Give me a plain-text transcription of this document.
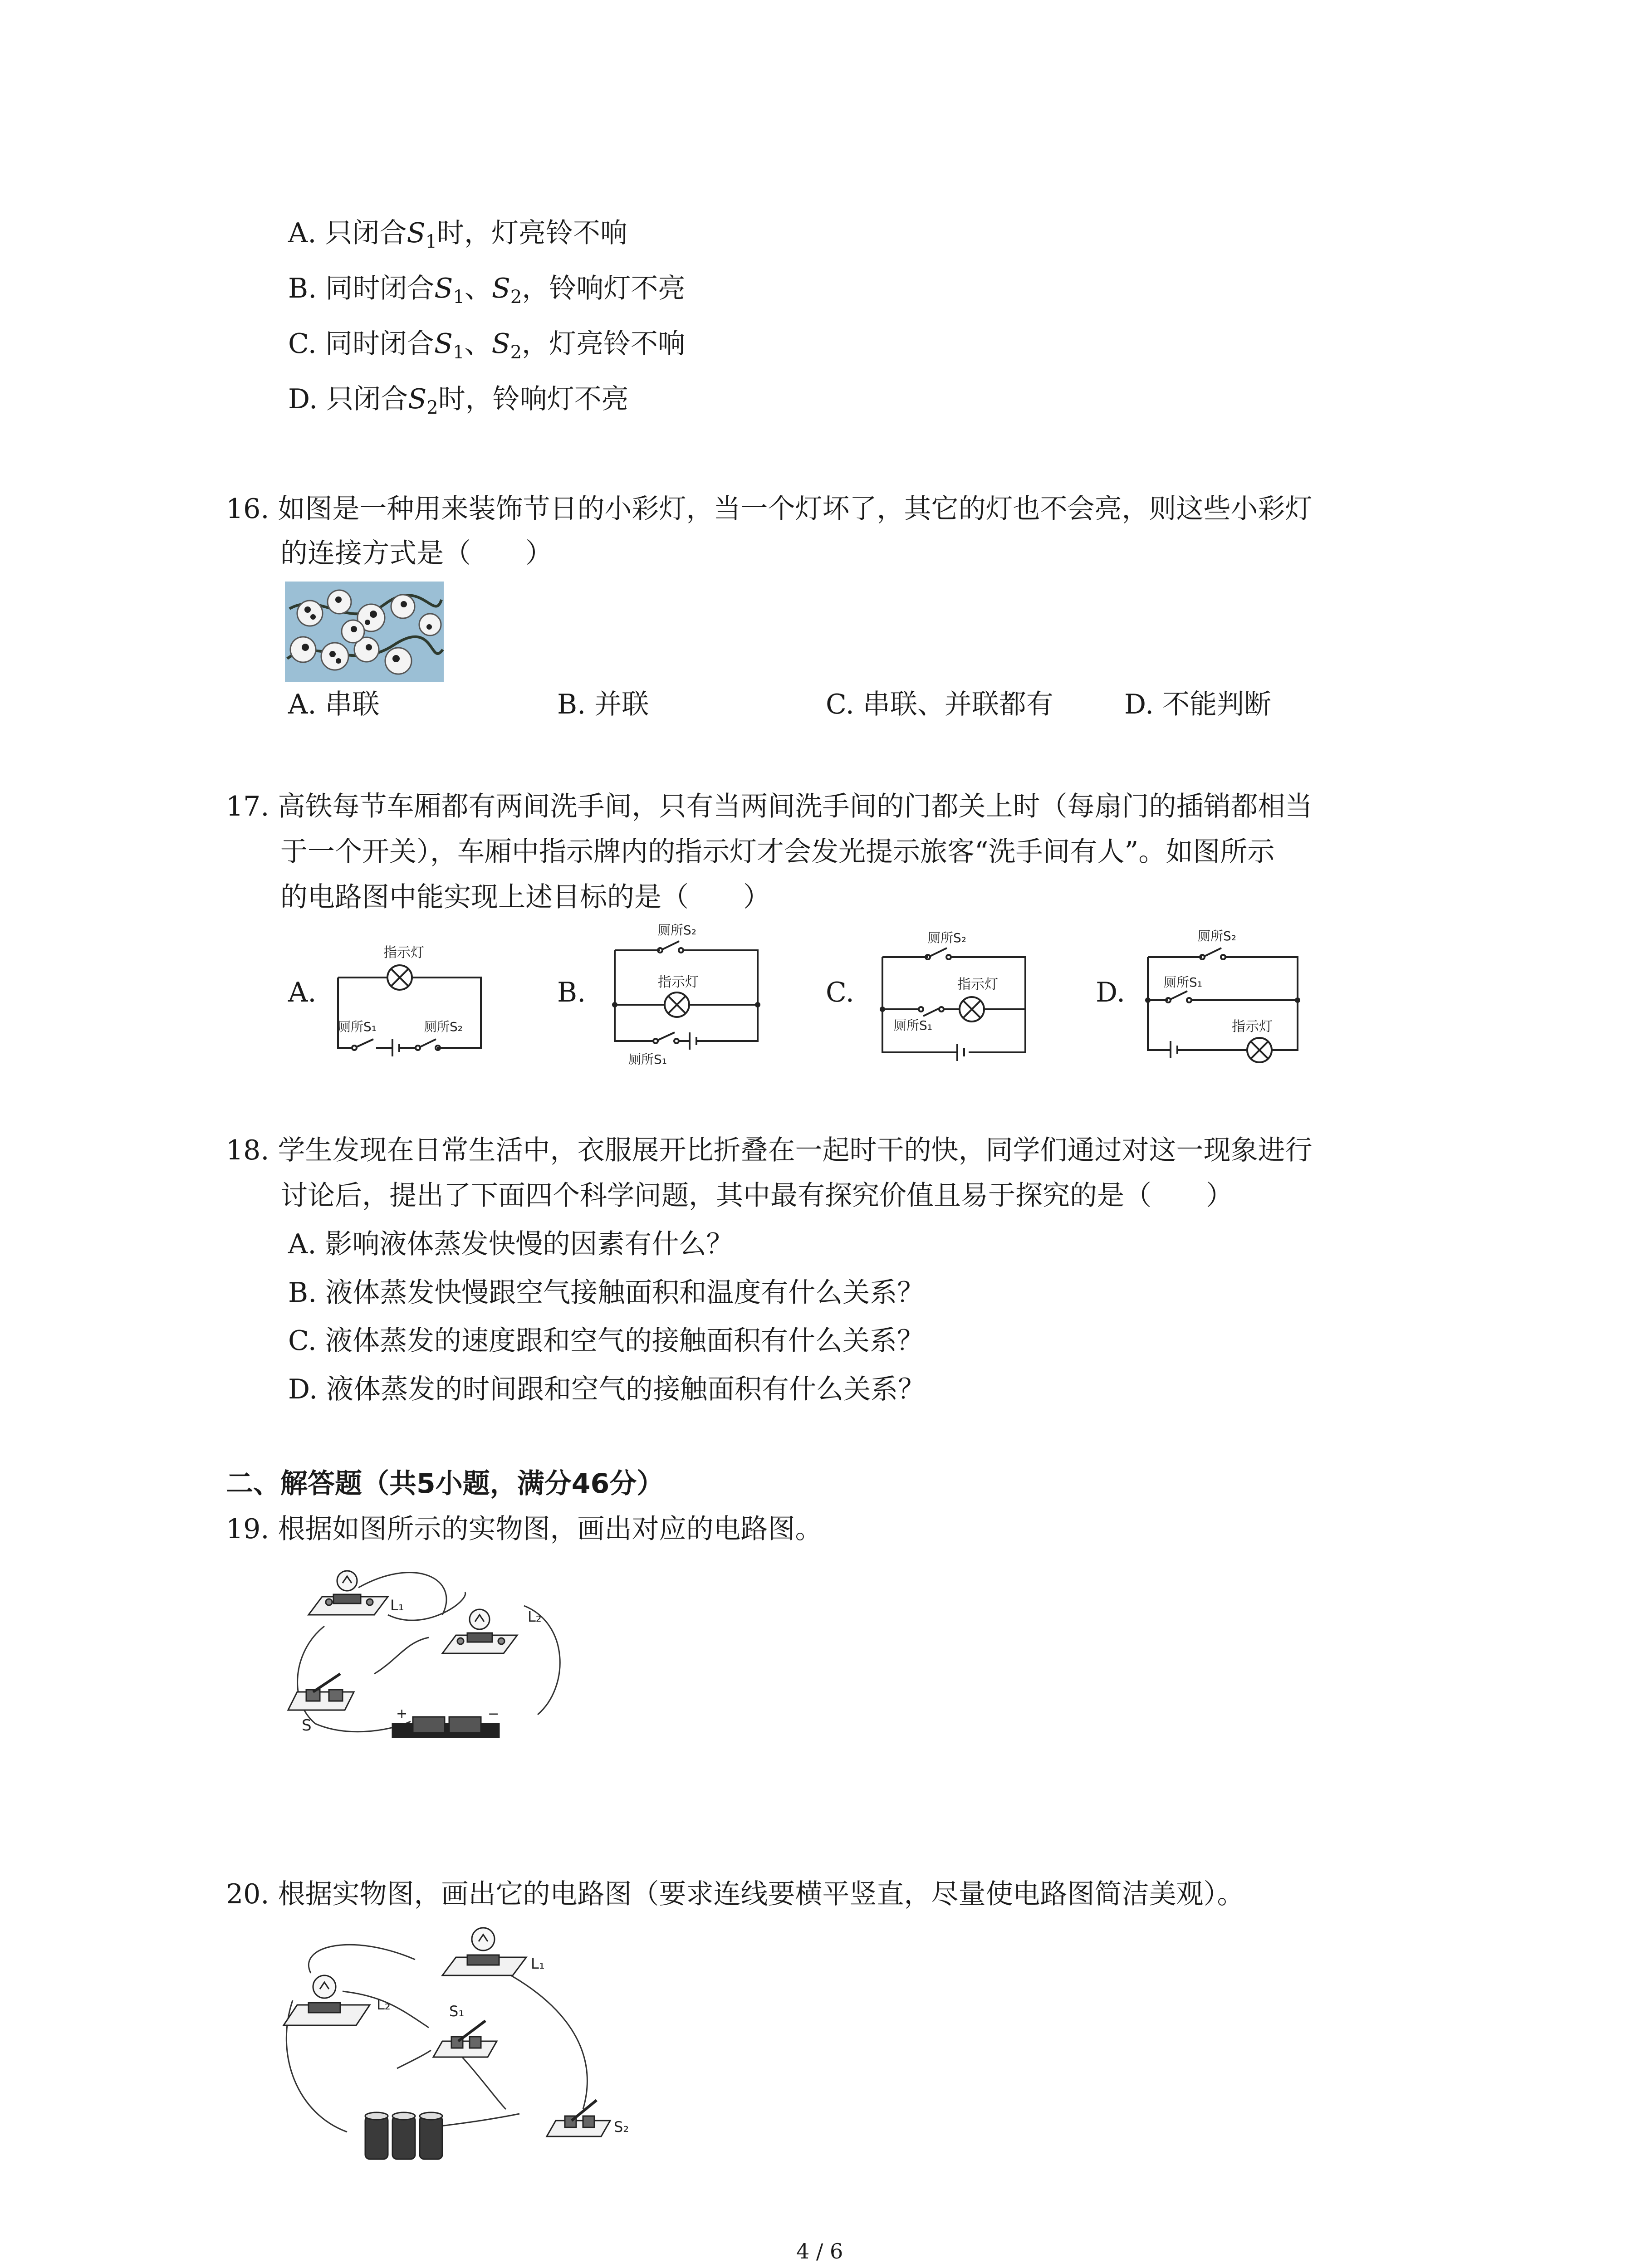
A. 只闭合$S_1$时，灯亮铃不响
B. 同时闭合$S_1$、$S_2$，铃响灯不亮
C. 同时闭合$S_1$、$S_2$，灯亮铃不响
D. 只闭合$S_2$时，铃响灯不亮
16. 如图是一种用来装饰节日的小彩灯，当一个灯坏了，其它的灯也不会亮，则这些小彩灯
的连接方式是（　　）
A. 串联	B. 并联	C. 串联、并联都有	D. 不能判断
17. 高铁每节车厢都有两间洗手间，只有当两间洗手间的门都关上时（每扇门的插销都相当
于一个开关），车厢中指示牌内的指示灯才会发光提示旅客“洗手间有人”。如图所示
的电路图中能实现上述目标的是（　　）
A.
指示灯
厕所S₁	厕所S₂
B.
厕所S₂
指示灯
厕所S₁
C.
厕所S₂
指示灯
厕所S₁
D.
厕所S₂
厕所S₁
指示灯
18. 学生发现在日常生活中，衣服展开比折叠在一起时干的快，同学们通过对这一现象进行
讨论后，提出了下面四个科学问题，其中最有探究价值且易于探究的是（　　）
A. 影响液体蒸发快慢的因素有什么？
B. 液体蒸发快慢跟空气接触面积和温度有什么关系？
C. 液体蒸发的速度跟和空气的接触面积有什么关系？
D. 液体蒸发的时间跟和空气的接触面积有什么关系？
二、解答题（共5小题，满分46分）
19. 根据如图所示的实物图，画出对应的电路图。
L₁
L₂
S
+	−
20. 根据实物图，画出它的电路图（要求连线要横平竖直，尽量使电路图简洁美观）。
L₁
L₂	S₁
S₂
4 / 6
